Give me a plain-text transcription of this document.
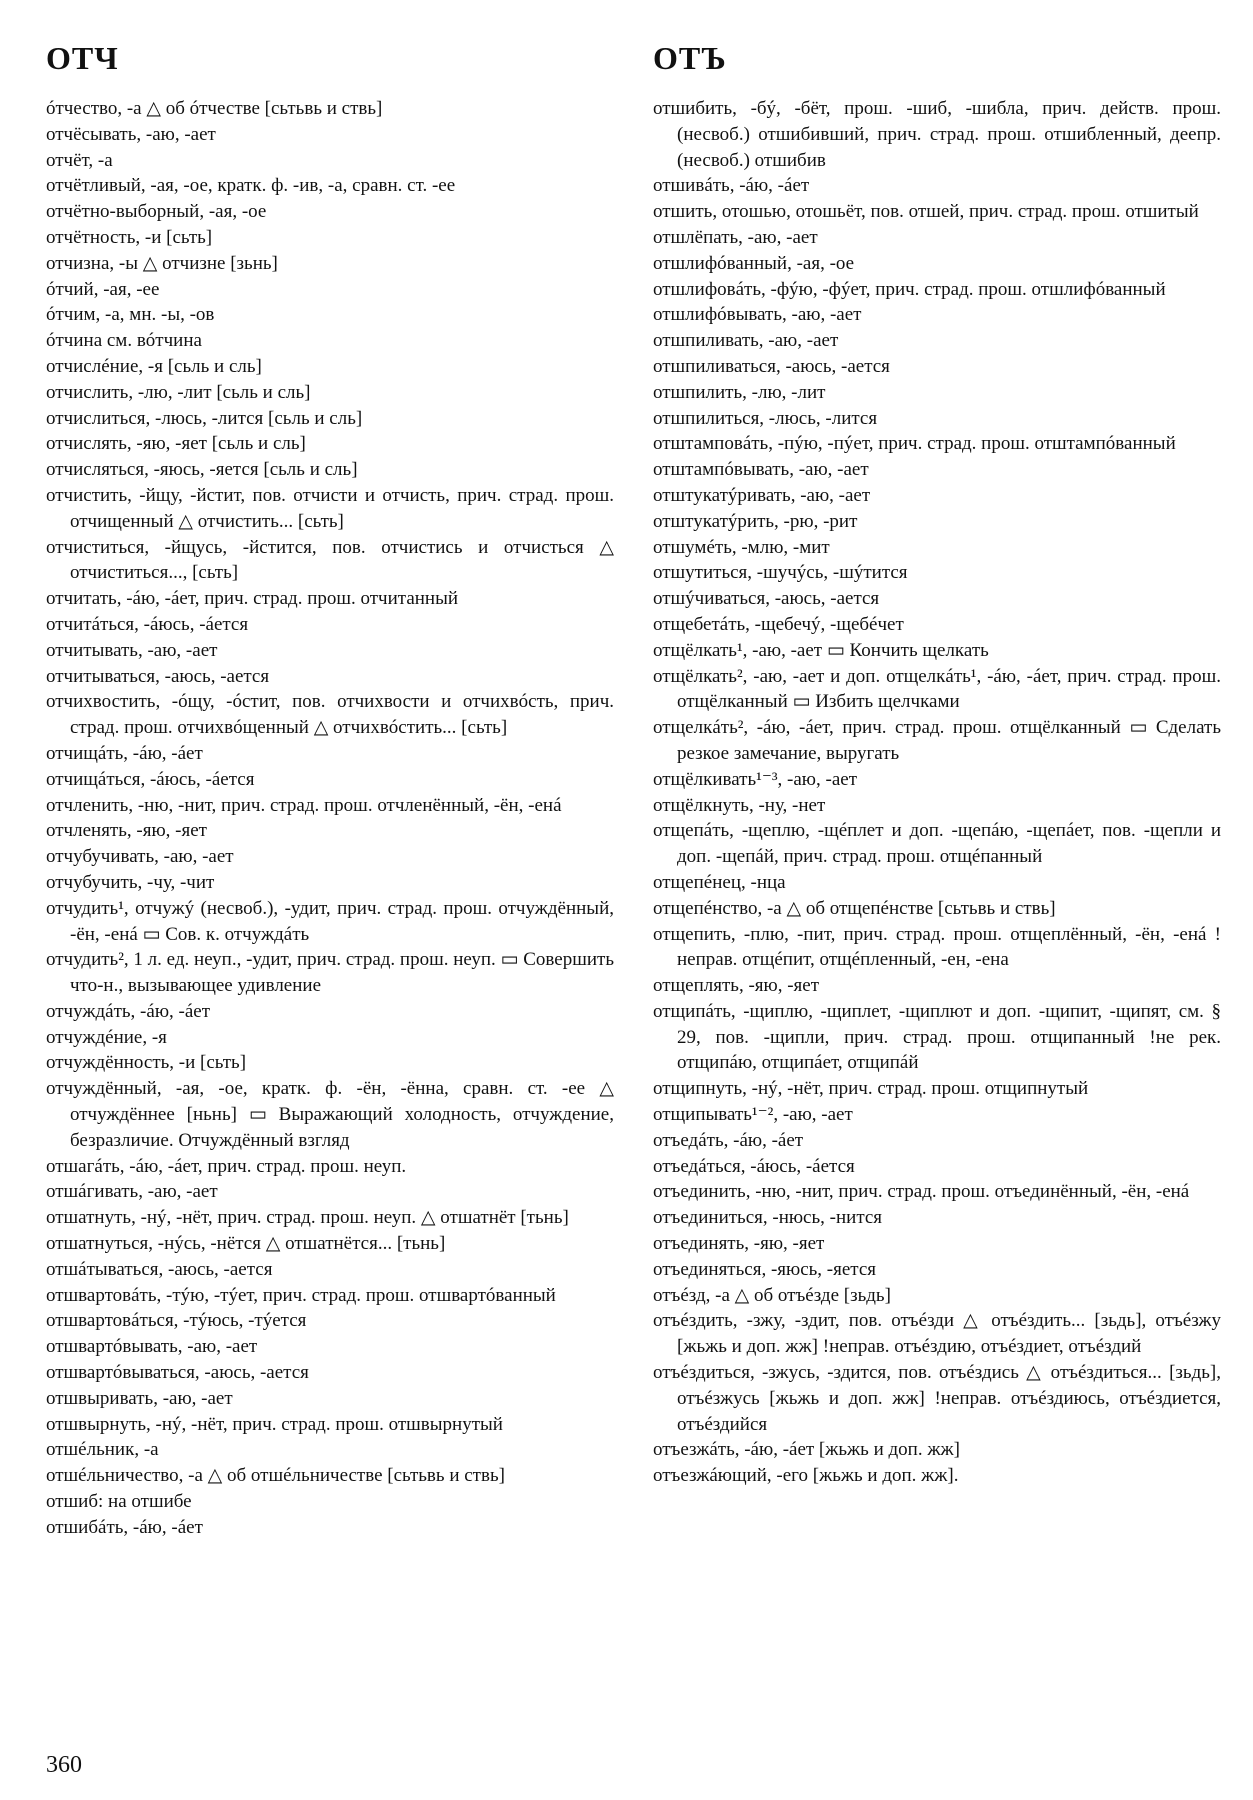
ОТЧ

óтчество, -а △ об óтчестве [сьтьвь и ствь]

отчёсывать, -аю, -ает

отчёт, -а

отчётливый, -ая, -ое, кратк. ф. -ив, -а, сравн. ст. -ее

отчётно-выборный, -ая, -ое

отчётность, -и [сьть]

отчизна, -ы △ отчизне [зьнь]

óтчий, -ая, -ее

óтчим, -а, мн. -ы, -ов

óтчина см. вóтчина

отчислéние, -я [сьль и сль]

отчислить, -лю, -лит [сьль и сль]

отчислиться, -люсь, -лится [сьль и сль]

отчислять, -яю, -яет [сьль и сль]

отчисляться, -яюсь, -яется [сьль и сль]

отчистить, -йщу, -йстит, пов. отчисти и отчисть, прич. страд. прош. отчищенный △ отчистить... [сьть]

отчиститься, -йщусь, -йстится, пов. отчистись и отчисться △ отчиститься..., [сьть]

отчитать, -áю, -áет, прич. страд. прош. отчитанный

отчитáться, -áюсь, -áется

отчитывать, -аю, -ает

отчитываться, -аюсь, -ается

отчихвостить, -óщу, -óстит, пов. отчихвости и отчихвóсть, прич. страд. прош. отчихвóщенный △ отчихвóстить... [сьть]

отчищáть, -áю, -áет

отчищáться, -áюсь, -áется

отчленить, -ню, -нит, прич. страд. прош. отчленённый, -ён, -енá

отчленять, -яю, -яет

отчубучивать, -аю, -ает

отчубучить, -чу, -чит

отчудить¹, отчужý (несвоб.), -удит, прич. страд. прош. отчуждённый, -ён, -енá ▭ Сов. к. отчуждáть

отчудить², 1 л. ед. неуп., -удит, прич. страд. прош. неуп. ▭ Совершить что-н., вызывающее удивление

отчуждáть, -áю, -áет

отчуждéние, -я

отчуждённость, -и [сьть]

отчуждённый, -ая, -ое, кратк. ф. -ён, -ённа, сравн. ст. -ее △ отчуждённее [ньнь] ▭ Выражающий холодность, отчуждение, безразличие. Отчуждённый взгляд

отшагáть, -áю, -áет, прич. страд. прош. неуп.

отшáгивать, -аю, -ает

отшатнуть, -нý, -нёт, прич. страд. прош. неуп. △ отшатнёт [тьнь]

отшатнуться, -нýсь, -нётся △ отшатнётся... [тьнь]

отшáтываться, -аюсь, -ается

отшвартовáть, -тýю, -тýет, прич. страд. прош. отшвартóванный

отшвартовáться, -тýюсь, -тýется

отшвартóвывать, -аю, -ает

отшвартóвываться, -аюсь, -ается

отшвыривать, -аю, -ает

отшвырнуть, -нý, -нёт, прич. страд. прош. отшвырнутый

отшéльник, -а

отшéльничество, -а △ об отшéльничестве [сьтьвь и ствь]

отшиб: на отшибе

отшибáть, -áю, -áет

ОТЪ

отшибить, -бý, -бёт, прош. -шиб, -шибла, прич. действ. прош. (несвоб.) отшибивший, прич. страд. прош. отшибленный, деепр. (несвоб.) отшибив

отшивáть, -áю, -áет

отшить, отошью, отошьёт, пов. отшей, прич. страд. прош. отшитый

отшлёпать, -аю, -ает

отшлифóванный, -ая, -ое

отшлифовáть, -фýю, -фýет, прич. страд. прош. отшлифóванный

отшлифóвывать, -аю, -ает

отшпиливать, -аю, -ает

отшпиливаться, -аюсь, -ается

отшпилить, -лю, -лит

отшпилиться, -люсь, -лится

отштамповáть, -пýю, -пýет, прич. страд. прош. отштампóванный

отштампóвывать, -аю, -ает

отштукатýривать, -аю, -ает

отштукатýрить, -рю, -рит

отшумéть, -млю, -мит

отшутиться, -шучýсь, -шýтится

отшýчиваться, -аюсь, -ается

отщебетáть, -щебечý, -щебéчет

отщёлкать¹, -аю, -ает ▭ Кончить щелкать

отщёлкать², -аю, -ает и доп. отщелкáть¹, -áю, -áет, прич. страд. прош. отщёлканный ▭ Избить щелчками

отщелкáть², -áю, -áет, прич. страд. прош. отщёлканный ▭ Сделать резкое замечание, выругать

отщёлкивать¹⁻³, -аю, -ает

отщёлкнуть, -ну, -нет

отщепáть, -щеплю, -щéплет и доп. -щепáю, -щепáет, пов. -щепли и доп. -щепáй, прич. страд. прош. отщéпанный

отщепéнец, -нца

отщепéнство, -а △ об отщепéнстве [сьтьвь и ствь]

отщепить, -плю, -пит, прич. страд. прош. отщеплённый, -ён, -енá !неправ. отщéпит, отщéпленный, -ен, -ена

отщеплять, -яю, -яет

отщипáть, -щиплю, -щиплет, -щиплют и доп. -щипит, -щипят, см. § 29, пов. -щипли, прич. страд. прош. отщипанный !не рек. отщипáю, отщипáет, отщипáй

отщипнуть, -нý, -нёт, прич. страд. прош. отщипнутый

отщипывать¹⁻², -аю, -ает

отъедáть, -áю, -áет

отъедáться, -áюсь, -áется

отъединить, -ню, -нит, прич. страд. прош. отъединённый, -ён, -енá

отъединиться, -нюсь, -нится

отъединять, -яю, -яет

отъединяться, -яюсь, -яется

отъéзд, -а △ об отъéзде [зьдь]

отъéздить, -зжу, -здит, пов. отъéзди △ отъéздить... [зьдь], отъéзжу [жьжь и доп. жж] !неправ. отъéздию, отъéздиет, отъéздий

отъéздиться, -зжусь, -здится, пов. отъéздись △ отъéздиться... [зьдь], отъéзжусь [жьжь и доп. жж] !неправ. отъéздиюсь, отъéздиется, отъéздийся

отъезжáть, -áю, -áет [жьжь и доп. жж]

отъезжáющий, -его [жьжь и доп. жж].

360
